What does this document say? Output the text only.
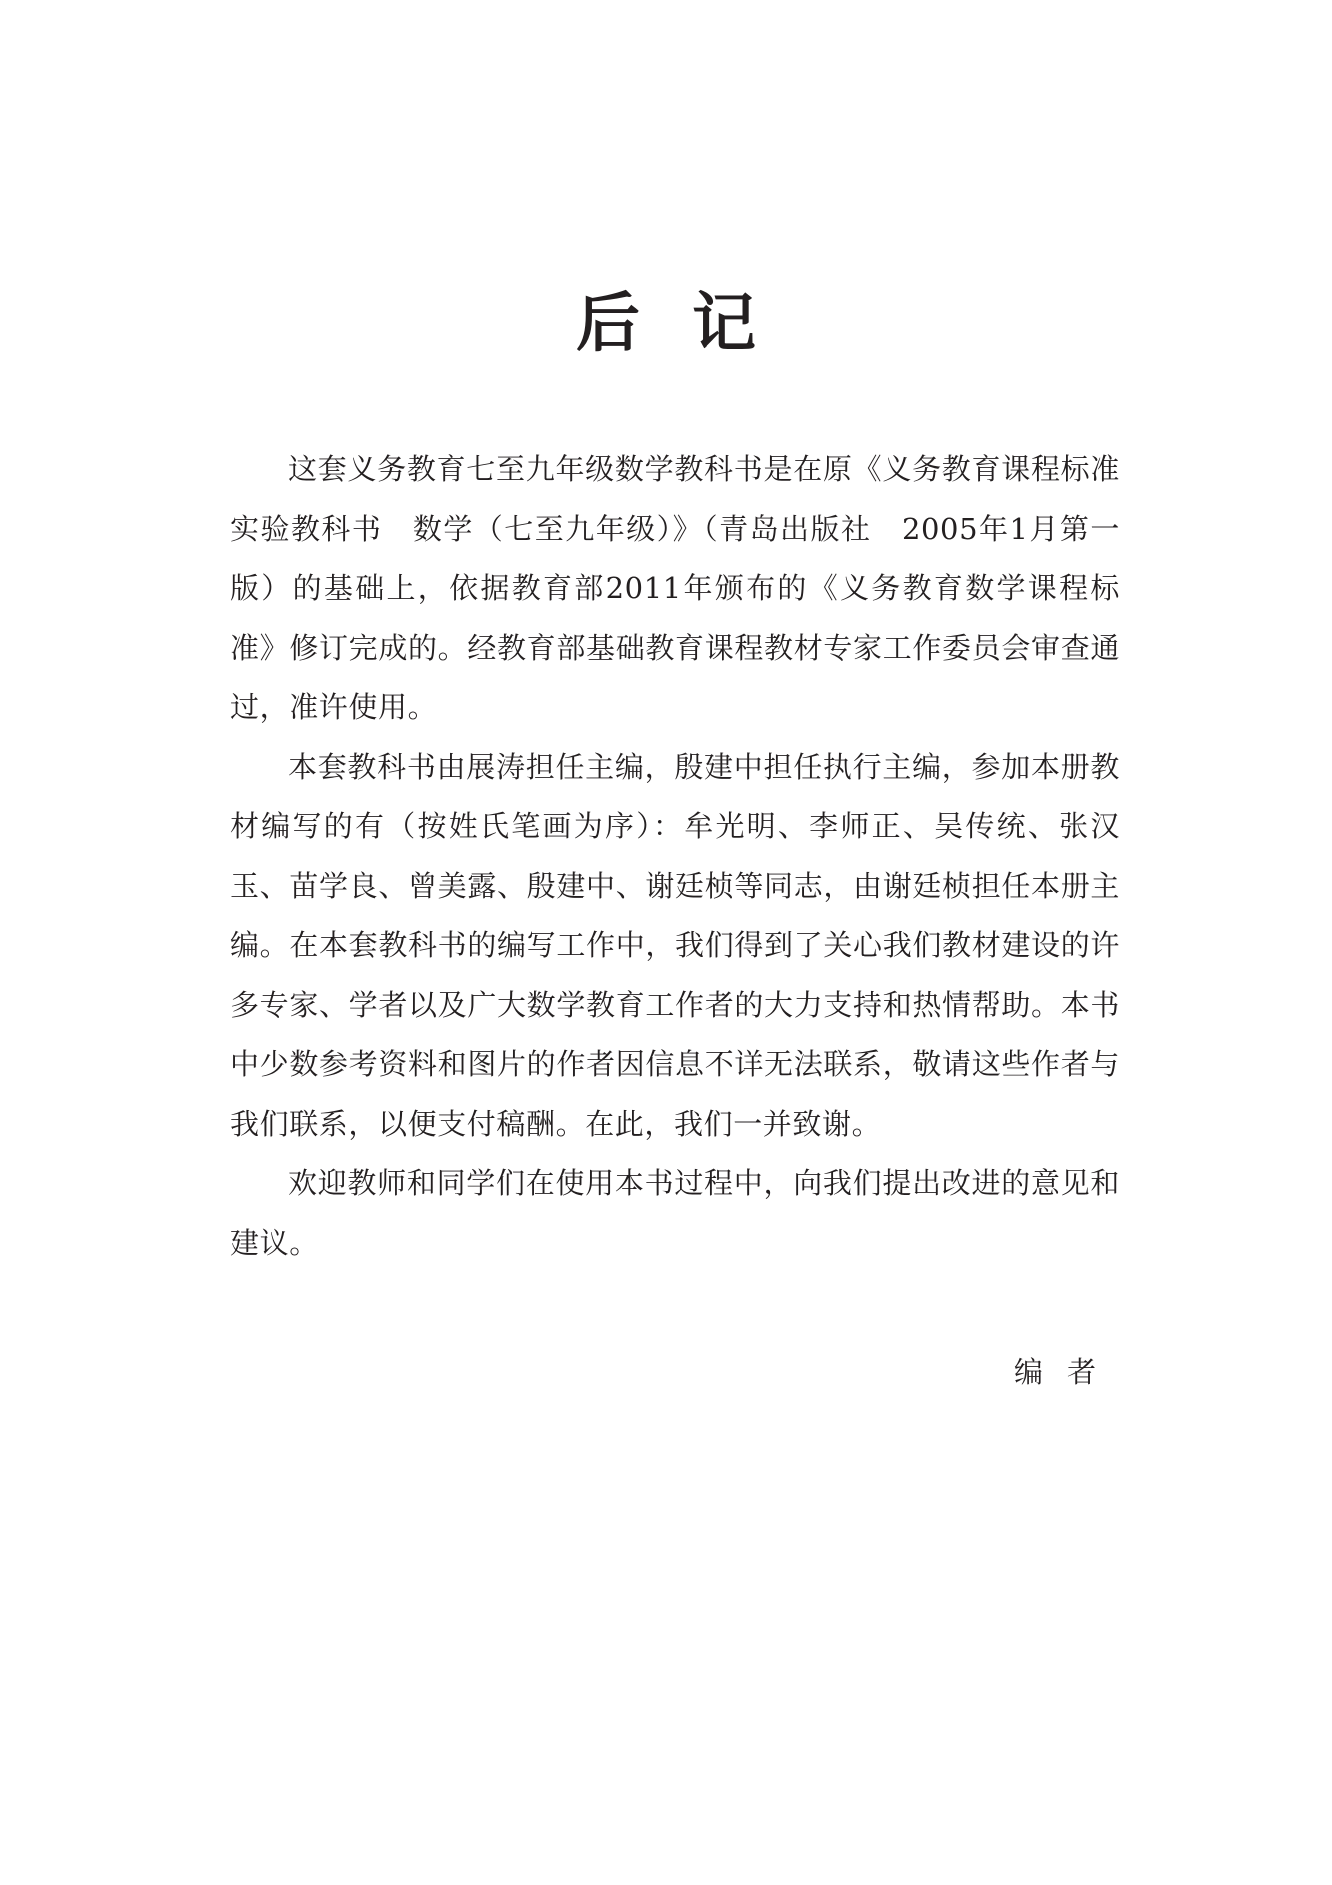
后记

这套义务教育七至九年级数学教科书是在原《义务教育课程标准实验教科书　数学（七至九年级）》（青岛出版社　2005年1月第一版）的基础上，依据教育部2011年颁布的《义务教育数学课程标准》修订完成的。经教育部基础教育课程教材专家工作委员会审查通过，准许使用。

本套教科书由展涛担任主编，殷建中担任执行主编，参加本册教材编写的有（按姓氏笔画为序）：牟光明、李师正、吴传统、张汉玉、苗学良、曾美露、殷建中、谢廷桢等同志，由谢廷桢担任本册主编。在本套教科书的编写工作中，我们得到了关心我们教材建设的许多专家、学者以及广大数学教育工作者的大力支持和热情帮助。本书中少数参考资料和图片的作者因信息不详无法联系，敬请这些作者与我们联系，以便支付稿酬。在此，我们一并致谢。

欢迎教师和同学们在使用本书过程中，向我们提出改进的意见和建议。

编者
